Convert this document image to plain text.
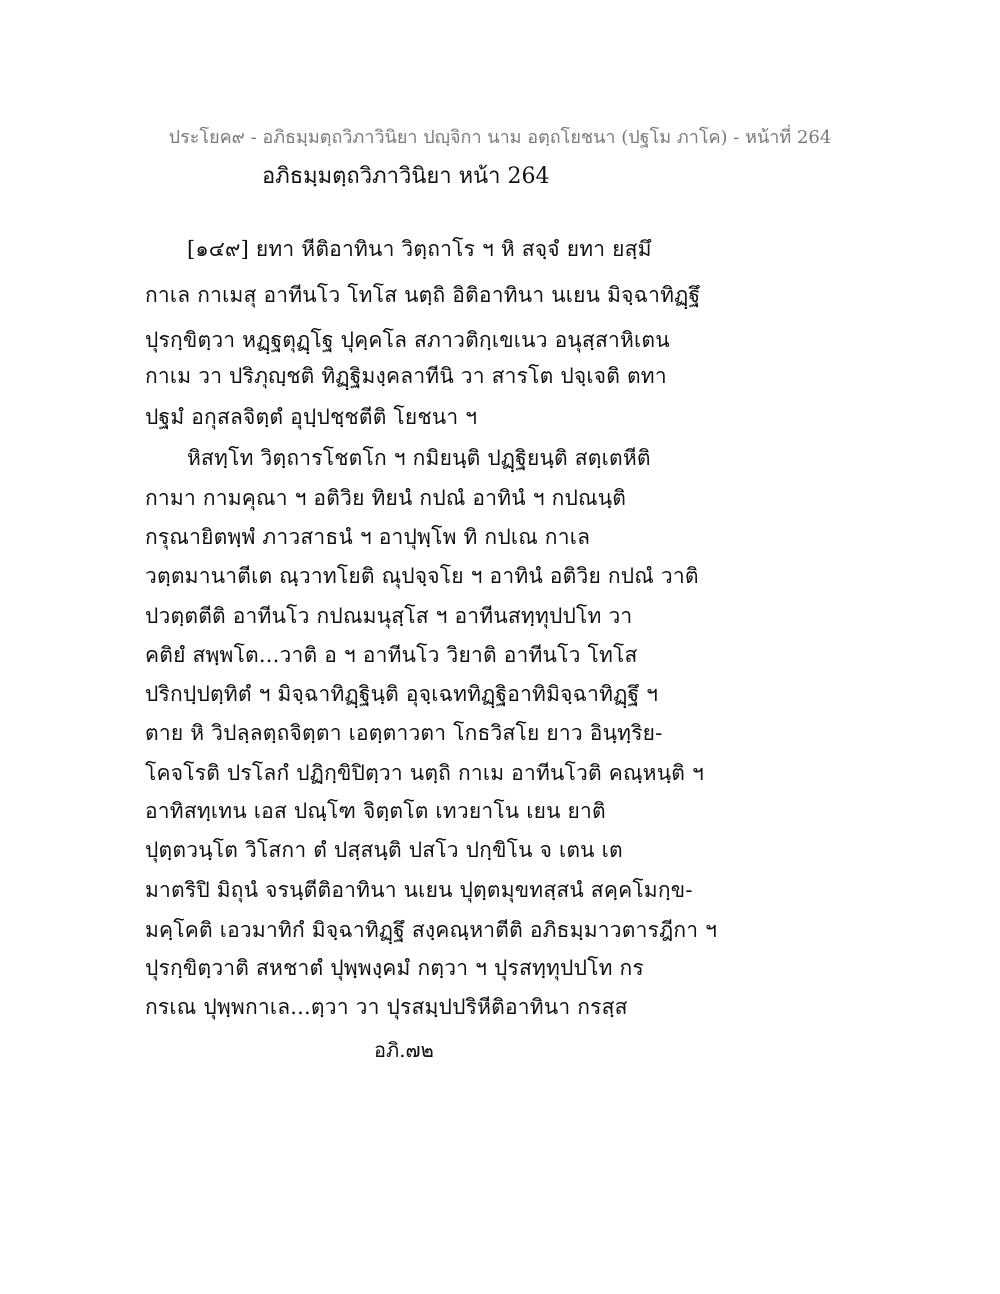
ประโยค๙ - อภิธมฺมตฺถวิภาวินิยา ปญฺจิกา นาม อตฺถโยชนา (ปฐโม ภาโค) - หน้าที่ 264
อภิธมฺมตฺถวิภาวินิยา หน้า 264
[๑๔๙] ยทา หีติอาทินา วิตฺถาโร ฯ หิ สจฺจํ ยทา ยสฺมึ
กาเล กาเมสุ อาทีนโว โทโส นตฺถิ อิติอาทินา นเยน มิจฺฉาทิฏฺฐึ
ปุรกฺขิตฺวา หฏฺฐตุฏฺโฐ ปุคฺคโล สภาวติกฺเขเนว อนุสฺสาหิเตน
กาเม วา ปริภุญฺชติ ทิฏฺฐิมงฺคลาทีนิ วา สารโต ปจฺเจติ ตทา
ปฐมํ อกุสลจิตฺตํ อุปฺปชฺชตีติ โยชนา ฯ
หิสทฺโท วิตฺถารโชตโก ฯ กมิยนฺติ ปฏฺฐิยนฺติ สตฺเตหีติ
กามา กามคุณา ฯ อติวิย ทิยนํ กปณํ อาทินํ ฯ กปณนฺติ
กรุณายิตพฺพํ ภาวสาธนํ ฯ อาปุพฺโพ ทิ กปเณ กาเล
วตฺตมานาตีเต ณฺวาทโยติ ณุปจฺจโย ฯ อาทินํ อติวิย กปณํ วาติ
ปวตฺตตีติ อาทีนโว กปณมนุสฺโส ฯ อาทีนสทฺทุปปโท วา
คติยํ สพฺพโต...วาติ อ ฯ อาทีนโว วิยาติ อาทีนโว โทโส
ปริกปฺปตฺทิตํ ฯ มิจฺฉาทิฏฺฐินฺติ อุจฺเฉททิฏฺฐิอาทิมิจฺฉาทิฏฺฐึ ฯ
ตาย หิ วิปลฺลตฺถจิตฺตา เอตฺตาวตา โกธวิสโย ยาว อินฺทฺริย-
โคจโรติ ปรโลกํ ปฏิกฺขิปิตฺวา นตฺถิ กาเม อาทีนโวติ คณฺหนฺติ ฯ
อาทิสทฺเทน เอส ปณฺโฑ จิตฺตโต เทวยาโน เยน ยาติ
ปุตฺตวนฺโต วิโสกา ตํ ปสฺสนฺติ ปสโว ปกฺขิโน จ เตน เต
มาตริปิ มิถุนํ จรนฺตีติอาทินา นเยน ปุตฺตมุขทสฺสนํ สคฺคโมกฺข-
มคฺโคติ เอวมาทิกํ มิจฺฉาทิฏฺฐึ สงฺคณฺหาตีติ อภิธมฺมาวตารฎีกา ฯ
ปุรกฺขิตฺวาติ สหชาตํ ปุพฺพงฺคมํ กตฺวา ฯ ปุรสทฺทุปปโท กร
กรเณ ปุพฺพกาเล...ตฺวา วา ปุรสมฺปปริหีติอาทินา กรสฺส
อภิ.๗๒
